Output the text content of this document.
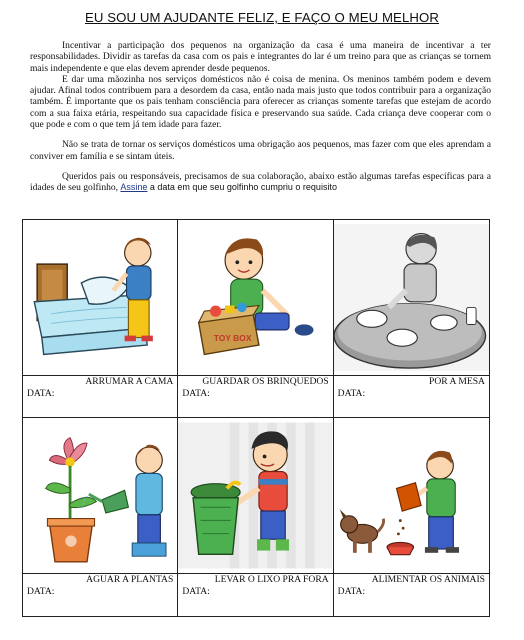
EU SOU UM AJUDANTE FELIZ, E FAÇO O MEU MELHOR

Incentivar a participação dos pequenos na organização da casa é uma maneira de incentivar a ter responsabilidades. Dividir as tarefas da casa com os pais e integrantes do lar é um treino para que as crianças se tornem mais independente e que elas devem aprender desde pequenos.

E dar uma mãozinha nos serviços domésticos não é coisa de menina. Os meninos também podem e devem ajudar. Afinal todos contribuem para a desordem da casa, então nada mais justo que todos contribuir para a organização também. É importante que os pais tenham consciência para oferecer as crianças somente tarefas que estejam de acordo com a sua faixa etária, respeitando sua capacidade física e preservando sua saúde. Cada criança deve cooperar com o que pode e com o que tem já tem idade para fazer.

Não se trata de tornar os serviços domésticos uma obrigação aos pequenos, mas fazer com que eles aprendam a conviver em família e se sintam úteis.

Queridos pais ou responsáveis, precisamos de sua colaboração, abaixo estão algumas tarefas específicas para a idades de seu golfinho, Assine a data em que seu golfinho cumpriu o requisito

ARRUMAR A CAMA
DATA:
TOY BOX
GUARDAR OS BRINQUEDOS
DATA:
POR A MESA
DATA:
AGUAR A PLANTAS
DATA:
LEVAR O LIXO PRA FORA
DATA:
ALIMENTAR OS ANIMAIS
DATA:
